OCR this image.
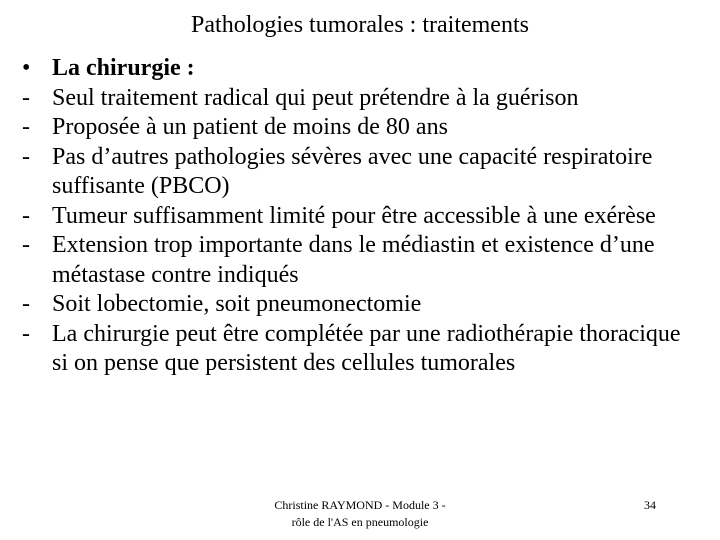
Pathologies tumorales : traitements
• La chirurgie :
- Seul traitement radical qui peut prétendre à la guérison
- Proposée à un patient de moins de 80 ans
- Pas d’autres pathologies sévères avec une capacité respiratoire suffisante (PBCO)
- Tumeur suffisamment limité pour être accessible à une exérèse
- Extension trop importante dans le médiastin et existence d’une métastase contre indiqués
- Soit lobectomie, soit pneumonectomie
- La chirurgie peut être complétée par une radiothérapie thoracique si on pense que persistent des cellules tumorales
Christine RAYMOND - Module 3 -
rôle de l'AS en pneumologie
34
